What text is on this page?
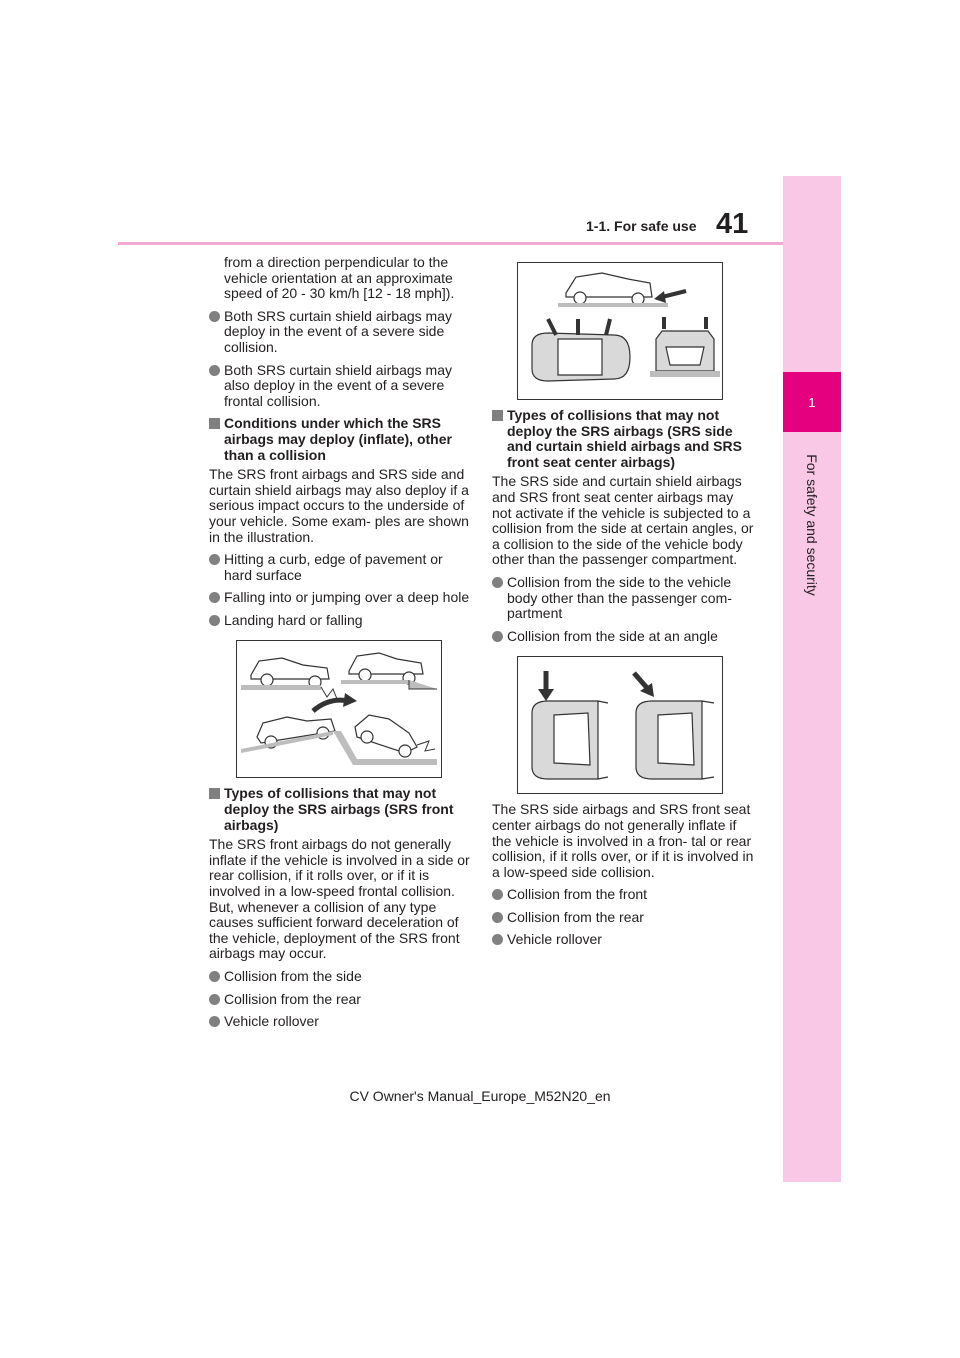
1-1. For safe use 41
1
For safety and security

from a direction perpendicular to the vehicle orientation at an approximate speed of 20 - 30 km/h [12 - 18 mph]).

Both SRS curtain shield airbags may deploy in the event of a severe side collision.
Both SRS curtain shield airbags may also deploy in the event of a severe frontal collision.
Conditions under which the SRS airbags may deploy (inflate), other than a collision

The SRS front airbags and SRS side and curtain shield airbags may also deploy if a serious impact occurs to the underside of your vehicle. Some exam- ples are shown in the illustration.

Hitting a curb, edge of pavement or hard surface
Falling into or jumping over a deep hole
Landing hard or falling
Types of collisions that may not deploy the SRS airbags (SRS front airbags)

The SRS front airbags do not generally inflate if the vehicle is involved in a side or rear collision, if it rolls over, or if it is involved in a low-speed frontal collision. But, whenever a collision of any type causes sufficient forward deceleration of the vehicle, deployment of the SRS front airbags may occur.

Collision from the side
Collision from the rear
Vehicle rollover
Types of collisions that may not deploy the SRS airbags (SRS side and curtain shield airbags and SRS front seat center airbags)

The SRS side and curtain shield airbags and SRS front seat center airbags may not activate if the vehicle is subjected to a collision from the side at certain angles, or a collision to the side of the vehicle body other than the passenger compartment.

Collision from the side to the vehicle body other than the passenger com- partment
Collision from the side at an angle

The SRS side airbags and SRS front seat center airbags do not generally inflate if the vehicle is involved in a fron- tal or rear collision, if it rolls over, or if it is involved in a low-speed side collision.

Collision from the front
Collision from the rear
Vehicle rollover
CV Owner's Manual_Europe_M52N20_en
